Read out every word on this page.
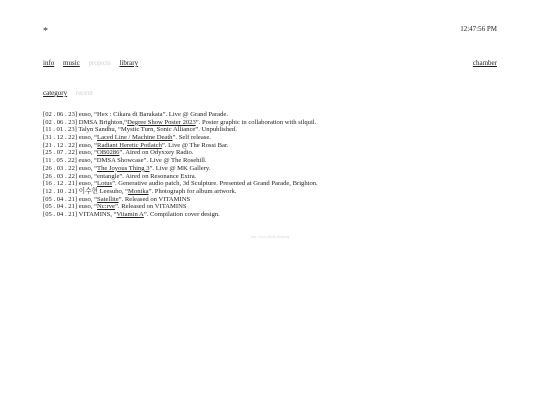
*	12:47:56 PM
info music projects library	chamber
category recent
[02 . 06 . 23] euso, “Hex : Cikara di Barakata”. Live @ Grand Parade.
[02 . 06 . 23] DMSA Brighton,“Degree Show Poster 2023”. Poster graphic in collaboration with silquil.
[11 . 01 . 23] Talyn Sandhu, “Mystic Turn, Sonic Alliance”. Unpublished.
[31 . 12 . 22] euso, “Laced Line / Machine Death”. Self release.
[21 . 12 . 22] euso, “Radiant Heretic Potlatch”. Live @ The Rossi Bar.
[25 . 07 . 22] euso, “OB0286”. Aired on Odyxxey Radio.
[11 . 05 . 22] euso, “DMSA Showcase”. Live @ The Rosehill.
[26 . 03 . 22] euso, “The Joyous Thing 3”. Live @ MK Gallery.
[26 . 03 . 22] euso, “entangle”. Aired on Resonance Extra.
[16 . 12 . 21] euso, “Lotus”. Generative audio patch, 3d Sculpture. Presented at Grand Parade, Brighton.
[12 . 10 . 21] 이수현 Leesuho, “Monika”. Photograph for album artwork.
[05 . 04 . 21] euso, “Satellite”. Released on VITAMINS
[05 . 04 . 21] euso, “Nc:rve”. Released on VITAMINS
[05 . 04 . 21] VITAMINS, “Vitamin A”. Compilation cover design.
site, www.tfunk.dodong
